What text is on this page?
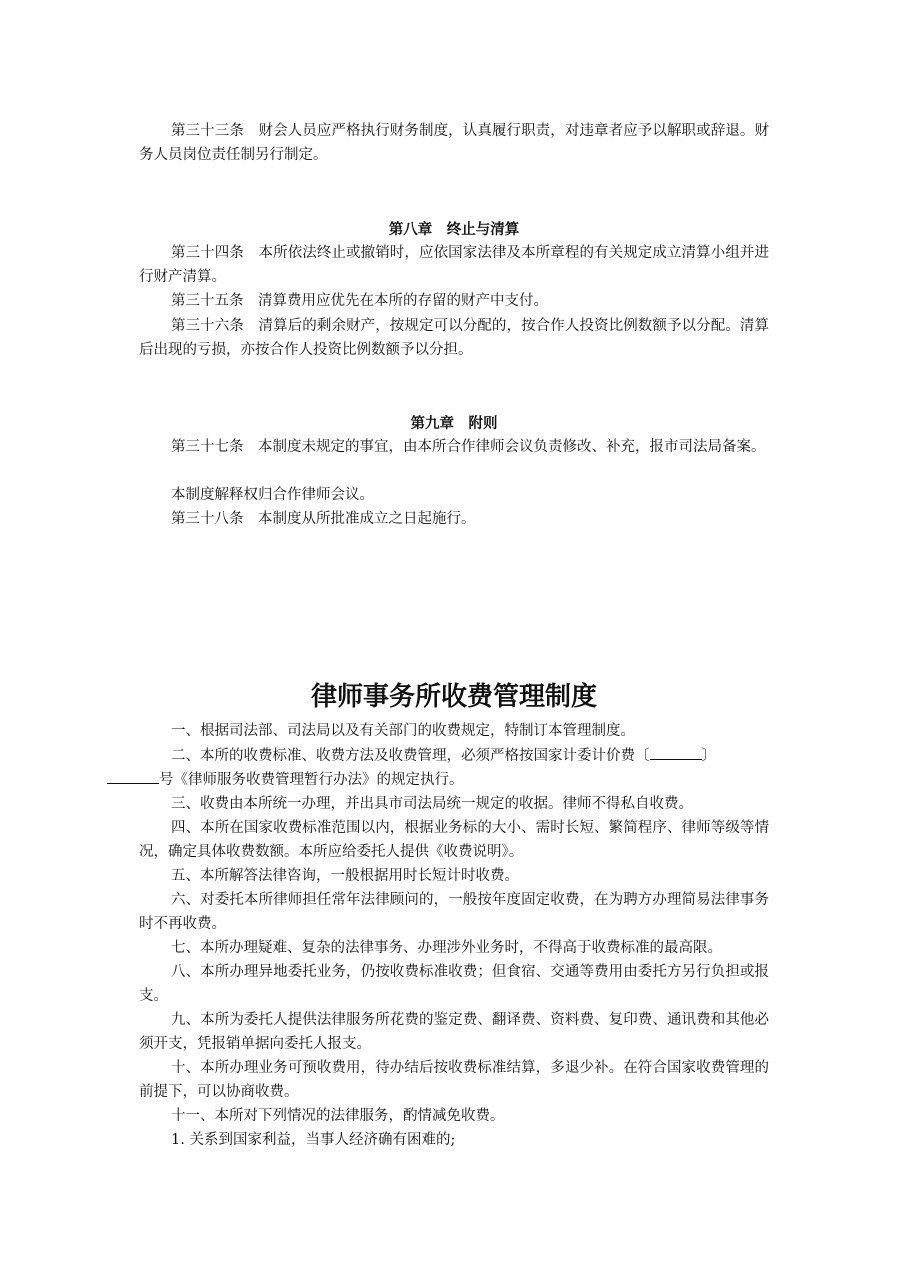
第三十三条　财会人员应严格执行财务制度，认真履行职责，对违章者应予以解职或辞退。财务人员岗位责任制另行制定。

第八章　终止与清算

第三十四条　本所依法终止或撤销时，应依国家法律及本所章程的有关规定成立清算小组并进行财产清算。

第三十五条　清算费用应优先在本所的存留的财产中支付。

第三十六条　清算后的剩余财产，按规定可以分配的，按合作人投资比例数额予以分配。清算后出现的亏损，亦按合作人投资比例数额予以分担。

第九章　附则

第三十七条　本制度未规定的事宜，由本所合作律师会议负责修改、补充，报市司法局备案。

本制度解释权归合作律师会议。

第三十八条　本制度从所批准成立之日起施行。

律师事务所收费管理制度

一、根据司法部、司法局以及有关部门的收费规定，特制订本管理制度。

二、本所的收费标准、收费方法及收费管理，必须严格按国家计委计价费〔	〕
号《律师服务收费管理暂行办法》的规定执行。

三、收费由本所统一办理，并出具市司法局统一规定的收据。律师不得私自收费。

四、本所在国家收费标准范围以内，根据业务标的大小、需时长短、繁简程序、律师等级等情况，确定具体收费数额。本所应给委托人提供《收费说明》。

五、本所解答法律咨询，一般根据用时长短计时收费。

六、对委托本所律师担任常年法律顾问的，一般按年度固定收费，在为聘方办理简易法律事务时不再收费。

七、本所办理疑难、复杂的法律事务、办理涉外业务时，不得高于收费标准的最高限。

八、本所办理异地委托业务，仍按收费标准收费；但食宿、交通等费用由委托方另行负担或报支。

九、本所为委托人提供法律服务所花费的鉴定费、翻译费、资料费、复印费、通讯费和其他必须开支，凭报销单据向委托人报支。

十、本所办理业务可预收费用，待办结后按收费标准结算，多退少补。在符合国家收费管理的前提下，可以协商收费。

十一、本所对下列情况的法律服务，酌情减免收费。

1. 关系到国家利益，当事人经济确有困难的;
